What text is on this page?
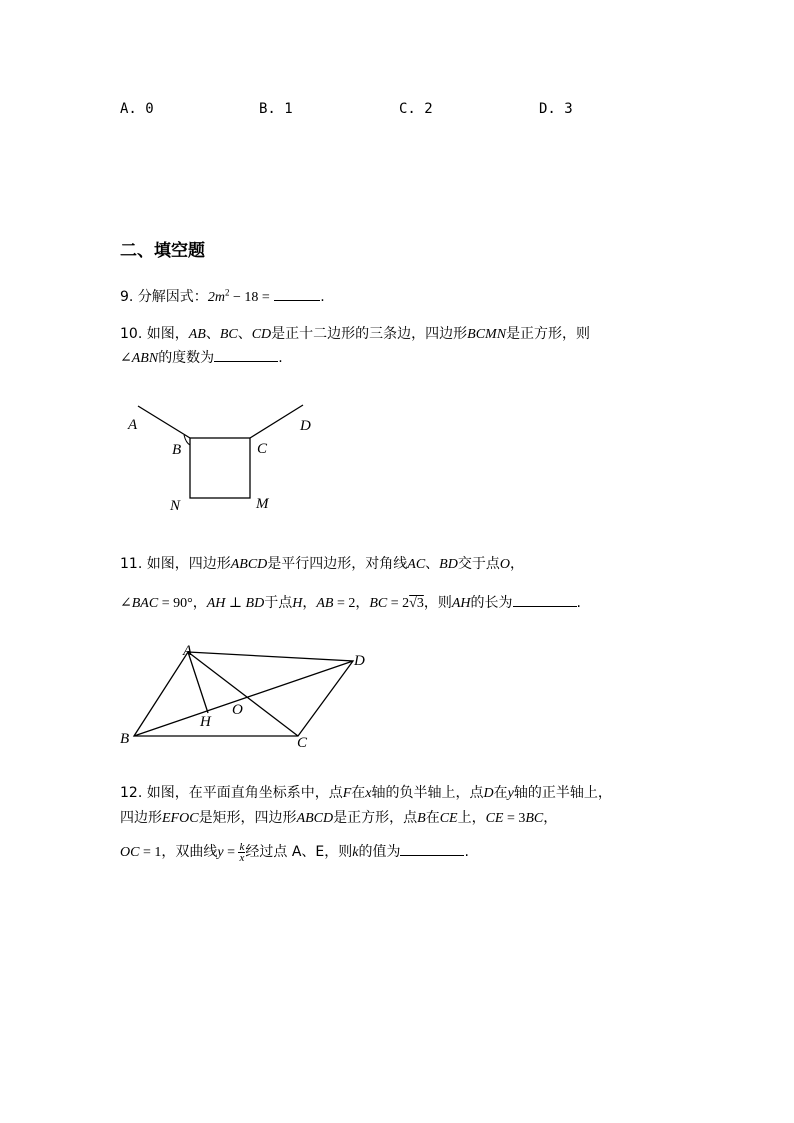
A. 0	B. 1	C. 2	D. 3
二、填空题
9. 分解因式：$2m^2 - 18$ =	.
10. 如图，AB、BC、CD是正十二边形的三条边，四边形BCMN是正方形，则
∠ABN的度数为	.
A
B	C
D
N	M
11. 如图，四边形ABCD是平行四边形，对角线AC、BD交于点O，
∠BAC = 90°，AH ⊥ BD于点H，AB = 2，BC = 2√3，则AH的长为	.
A
B	C
D
H
O
12. 如图，在平面直角坐标系中，点F在x轴的负半轴上，点D在y轴的正半轴上，
四边形EFOC是矩形，四边形ABCD是正方形，点B在CE上，CE = 3BC，
OC = 1，双曲线$y = \frac{k}{x}$ 经过点 A、E，则k的值为	.
